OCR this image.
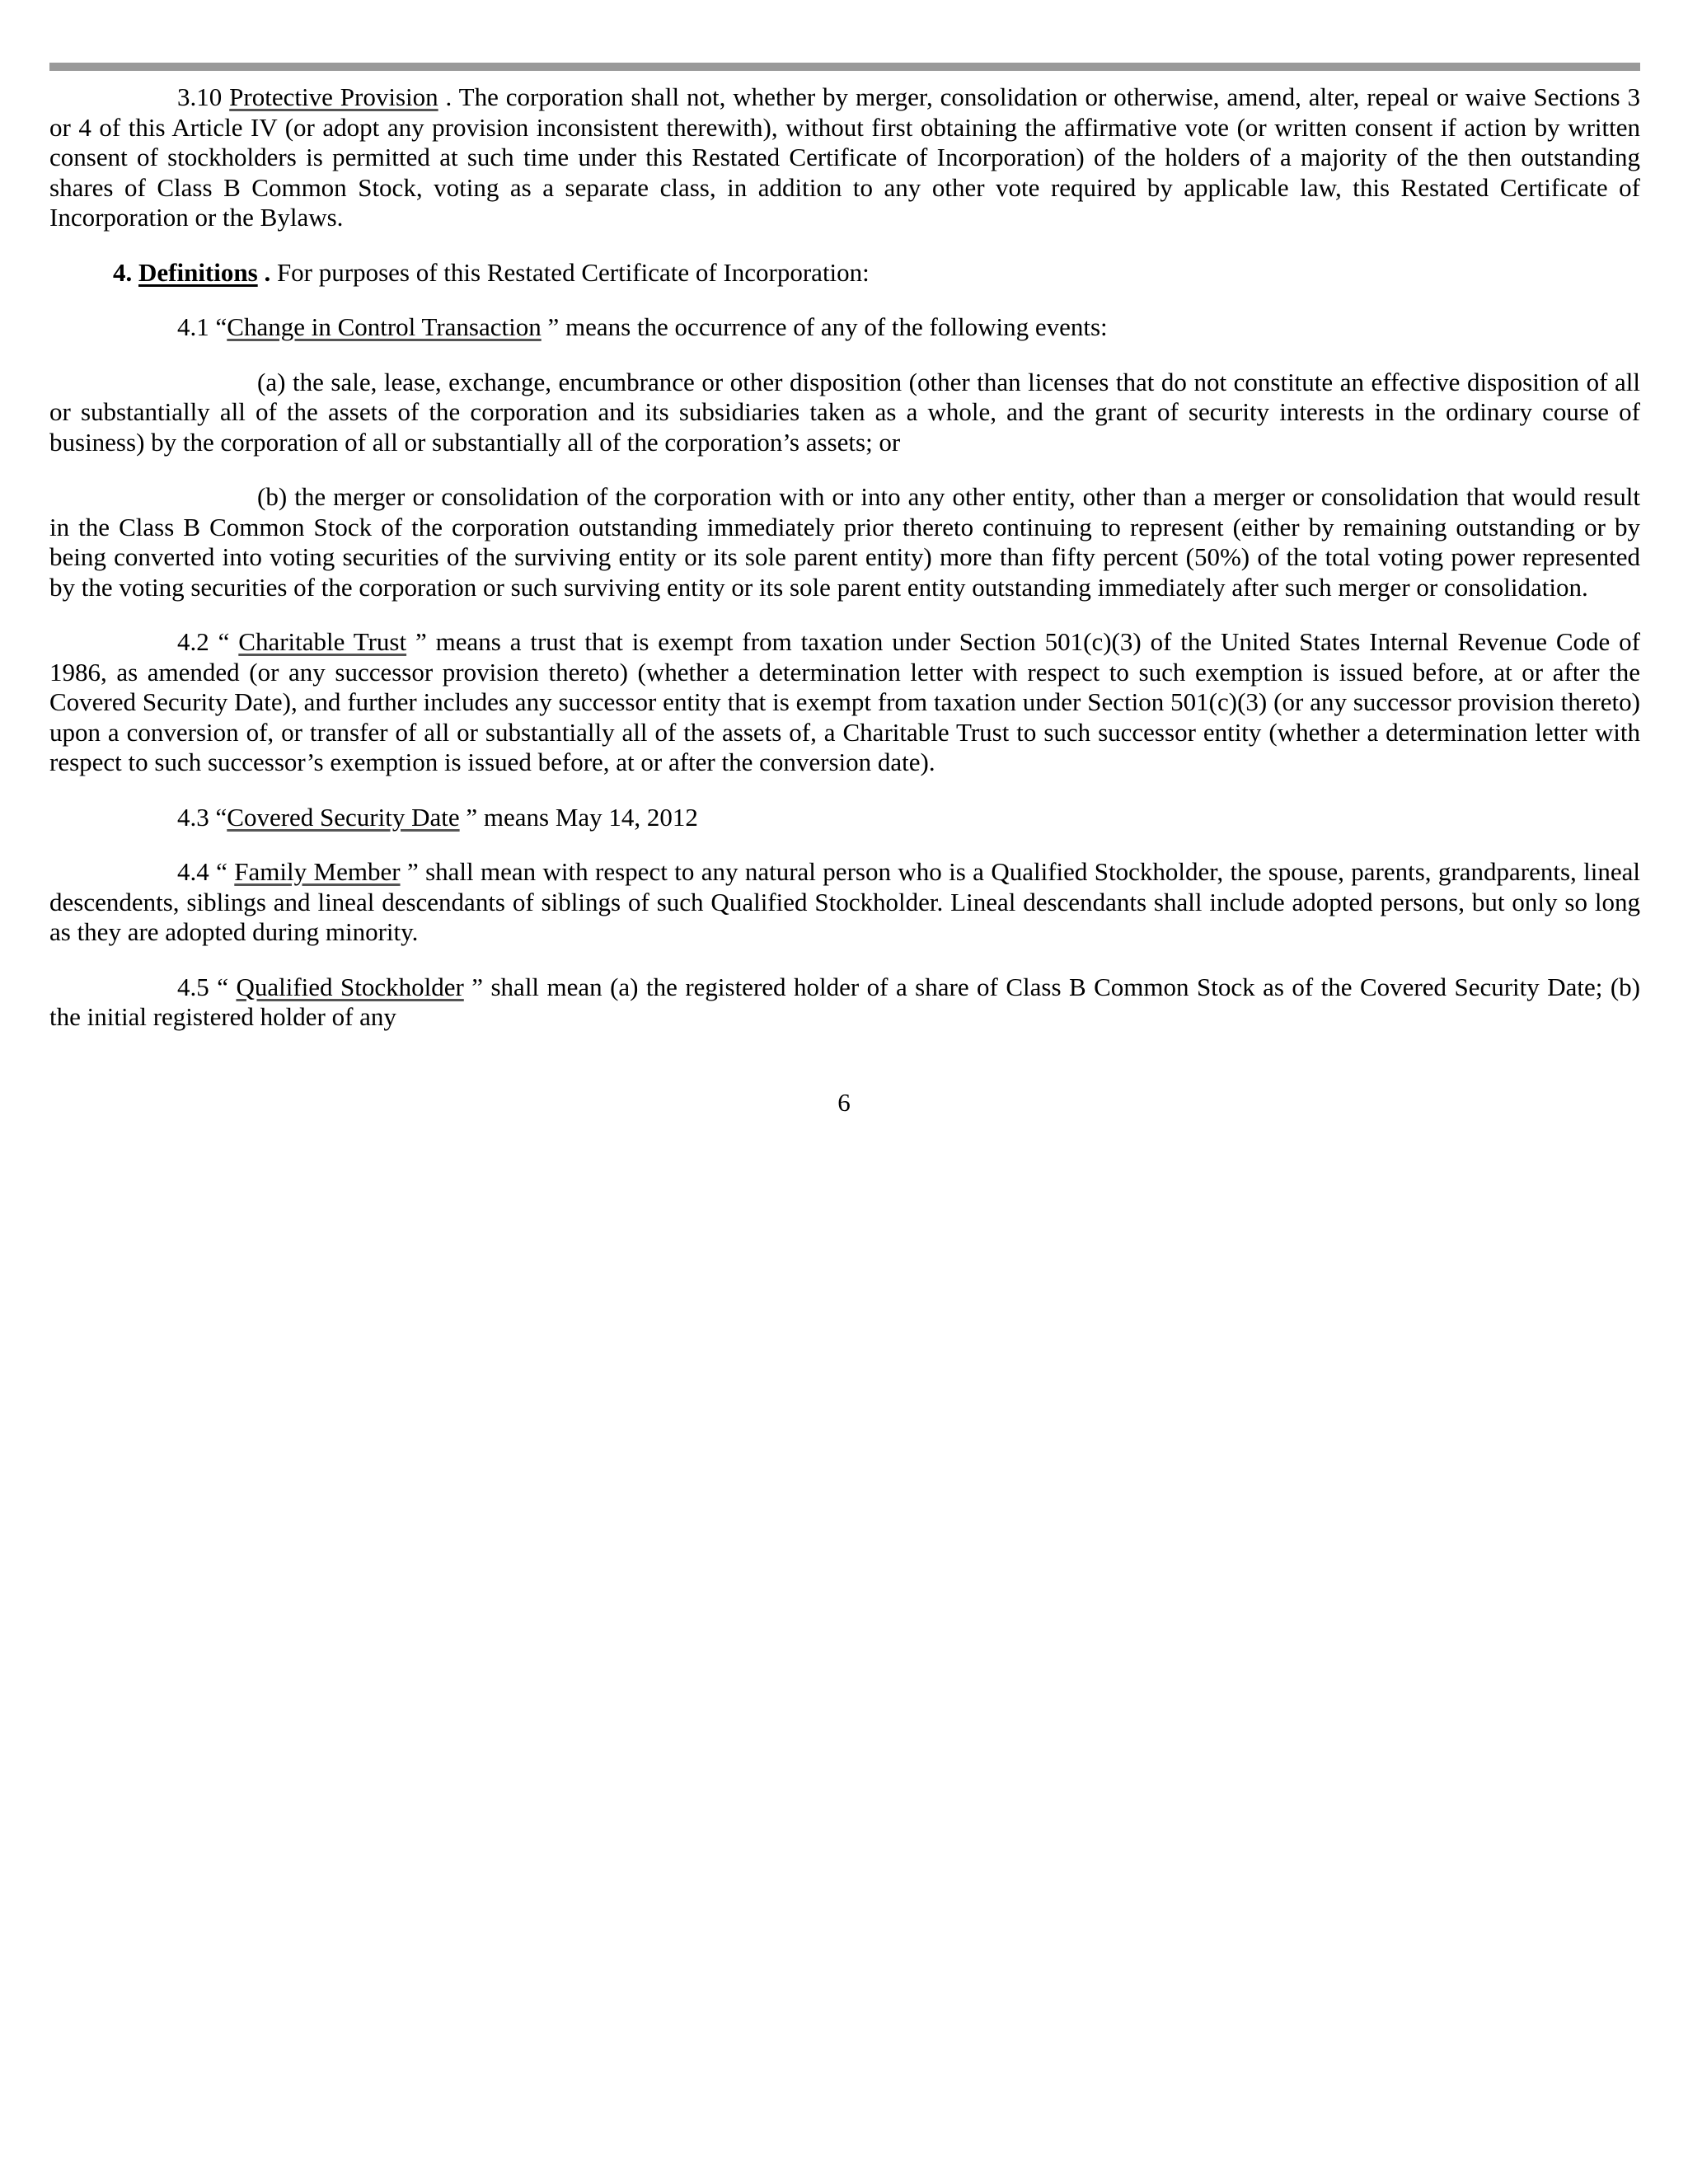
3.10 Protective Provision . The corporation shall not, whether by merger, consolidation or otherwise, amend, alter, repeal or waive Sections 3 or 4 of this Article IV (or adopt any provision inconsistent therewith), without first obtaining the affirmative vote (or written consent if action by written consent of stockholders is permitted at such time under this Restated Certificate of Incorporation) of the holders of a majority of the then outstanding shares of Class B Common Stock, voting as a separate class, in addition to any other vote required by applicable law, this Restated Certificate of Incorporation or the Bylaws.

4. Definitions . For purposes of this Restated Certificate of Incorporation:

4.1 “Change in Control Transaction ” means the occurrence of any of the following events:

(a) the sale, lease, exchange, encumbrance or other disposition (other than licenses that do not constitute an effective disposition of all or substantially all of the assets of the corporation and its subsidiaries taken as a whole, and the grant of security interests in the ordinary course of business) by the corporation of all or substantially all of the corporation’s assets; or

(b) the merger or consolidation of the corporation with or into any other entity, other than a merger or consolidation that would result in the Class B Common Stock of the corporation outstanding immediately prior thereto continuing to represent (either by remaining outstanding or by being converted into voting securities of the surviving entity or its sole parent entity) more than fifty percent (50%) of the total voting power represented by the voting securities of the corporation or such surviving entity or its sole parent entity outstanding immediately after such merger or consolidation.

4.2 “ Charitable Trust ” means a trust that is exempt from taxation under Section 501(c)(3) of the United States Internal Revenue Code of 1986, as amended (or any successor provision thereto) (whether a determination letter with respect to such exemption is issued before, at or after the Covered Security Date), and further includes any successor entity that is exempt from taxation under Section 501(c)(3) (or any successor provision thereto) upon a conversion of, or transfer of all or substantially all of the assets of, a Charitable Trust to such successor entity (whether a determination letter with respect to such successor’s exemption is issued before, at or after the conversion date).

4.3 “Covered Security Date ” means May 14, 2012

4.4 “ Family Member ” shall mean with respect to any natural person who is a Qualified Stockholder, the spouse, parents, grandparents, lineal descendents, siblings and lineal descendants of siblings of such Qualified Stockholder. Lineal descendants shall include adopted persons, but only so long as they are adopted during minority.

4.5 “ Qualified Stockholder ” shall mean (a) the registered holder of a share of Class B Common Stock as of the Covered Security Date; (b) the initial registered holder of any

6
